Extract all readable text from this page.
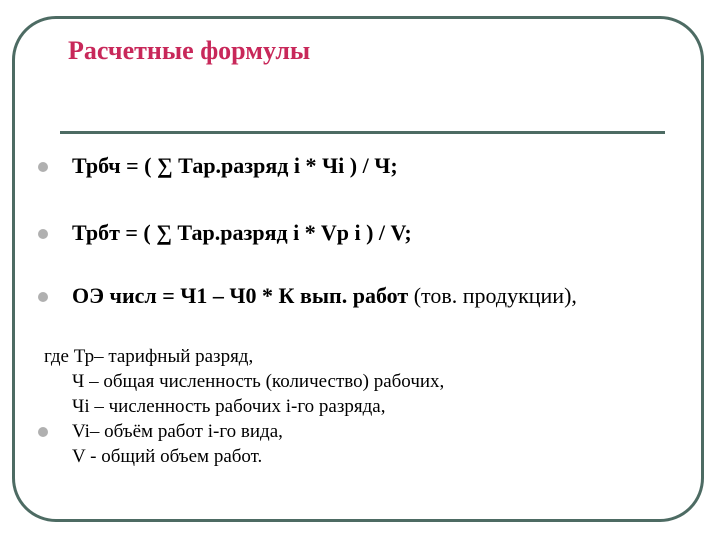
Расчетные формулы
Трбч = ( ∑ Тар.разряд i * Чi ) / Ч;
Трбт = ( ∑ Тар.разряд i * Vр i ) / V;
ОЭ числ = Ч1 – Ч0 * К вып. работ (тов. продукции),
где Тр– тарифный разряд,
Ч – общая численность (количество) рабочих,
Чi – численность рабочих i-го разряда,
Vi– объём работ i-го вида,
V - общий объем работ.
